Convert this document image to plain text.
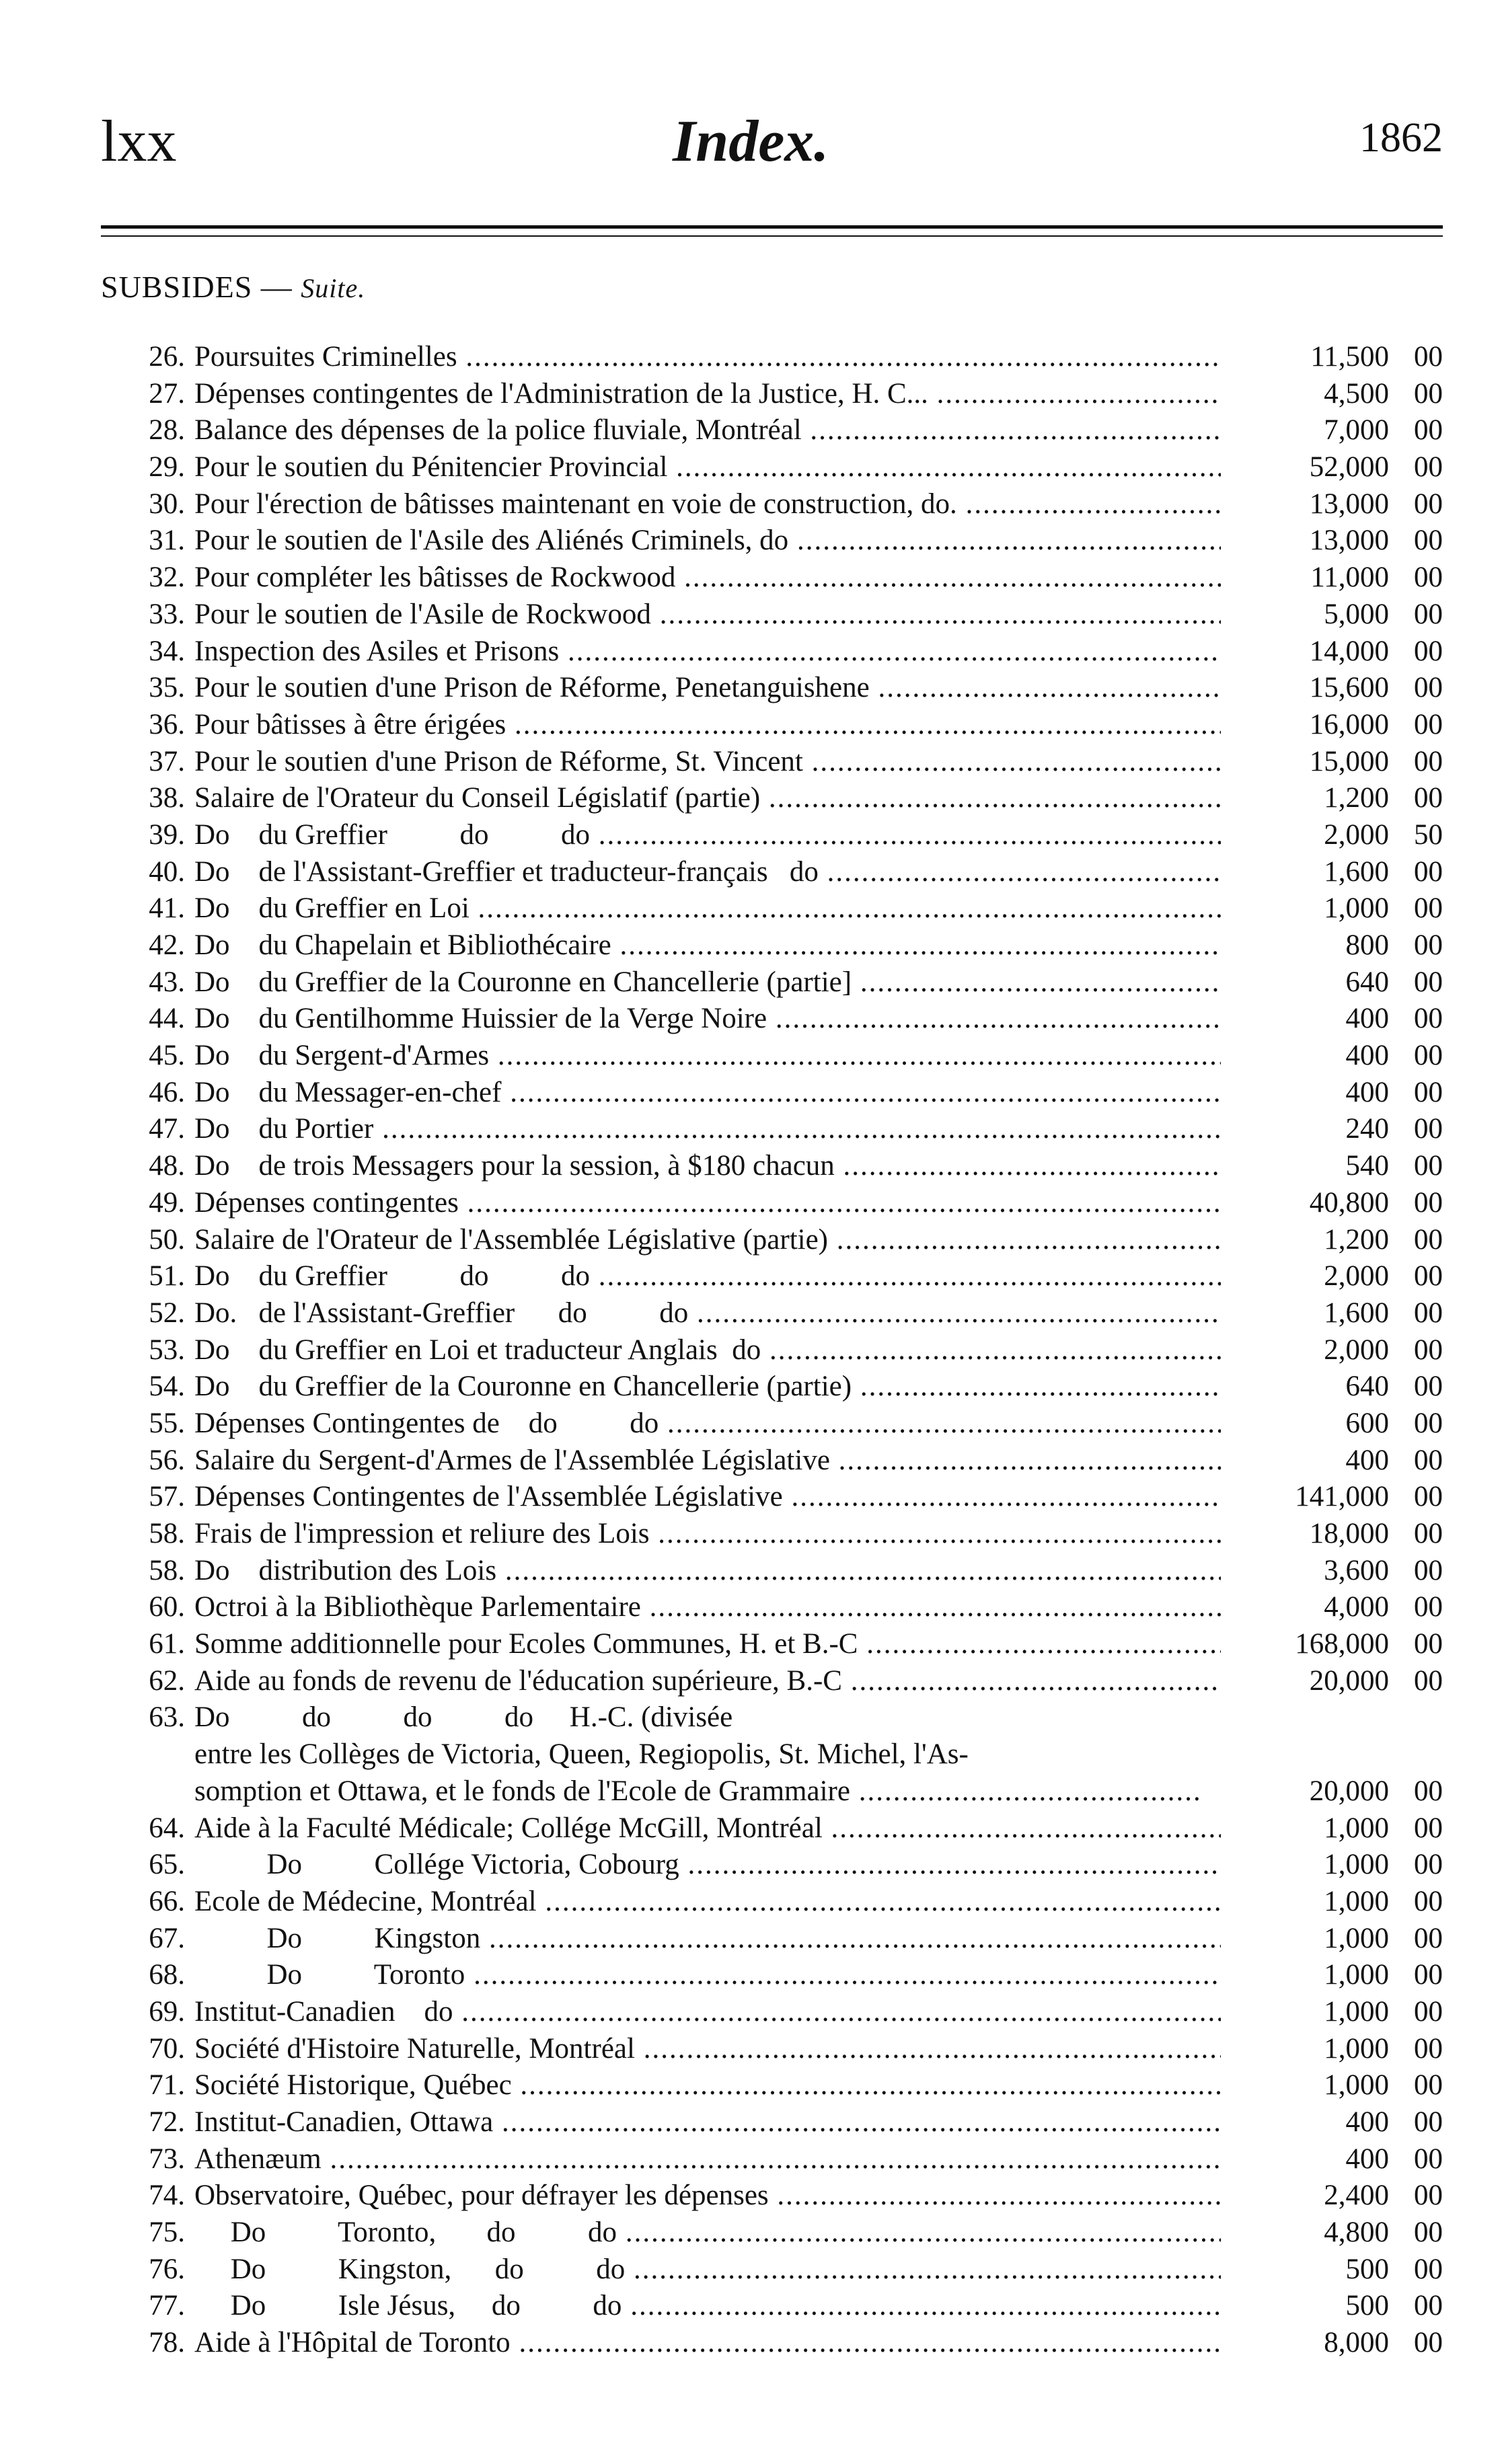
lxx	Index.	1862
SUBSIDES — Suite.
26. Poursuites Criminelles .....	11,500 00
27. Dépenses contingentes de l'Administration de la Justice, H. C... .....	4,500 00
28. Balance des dépenses de la police fluviale, Montréal .....	7,000 00
29. Pour le soutien du Pénitencier Provincial .....	52,000 00
30. Pour l'érection de bâtisses maintenant en voie de construction, do. .....	13,000 00
31. Pour le soutien de l'Asile des Aliénés Criminels, do .....	13,000 00
32. Pour compléter les bâtisses de Rockwood .....	11,000 00
33. Pour le soutien de l'Asile de Rockwood .....	5,000 00
34. Inspection des Asiles et Prisons .....	14,000 00
35. Pour le soutien d'une Prison de Réforme, Penetanguishene .....	15,600 00
36. Pour bâtisses à être érigées .....	16,000 00
37. Pour le soutien d'une Prison de Réforme, St. Vincent .....	15,000 00
38. Salaire de l'Orateur du Conseil Législatif (partie) .....	1,200 00
39. Do    du Greffier          do          do .....	2,000 50
40. Do    de l'Assistant-Greffier et traducteur-français   do .....	1,600 00
41. Do    du Greffier en Loi .....	1,000 00
42. Do    du Chapelain et Bibliothécaire .....	800 00
43. Do    du Greffier de la Couronne en Chancellerie (partie] .....	640 00
44. Do    du Gentilhomme Huissier de la Verge Noire .....	400 00
45. Do    du Sergent-d'Armes .....	400 00
46. Do    du Messager-en-chef .....	400 00
47. Do    du Portier .....	240 00
48. Do    de trois Messagers pour la session, à $180 chacun .....	540 00
49. Dépenses contingentes .....	40,800 00
50. Salaire de l'Orateur de l'Assemblée Législative (partie) .....	1,200 00
51. Do    du Greffier          do          do .....	2,000 00
52. Do.   de l'Assistant-Greffier      do          do .....	1,600 00
53. Do    du Greffier en Loi et traducteur Anglais  do .....	2,000 00
54. Do    du Greffier de la Couronne en Chancellerie (partie) .....	640 00
55. Dépenses Contingentes de    do          do .....	600 00
56. Salaire du Sergent-d'Armes de l'Assemblée Législative .....	400 00
57. Dépenses Contingentes de l'Assemblée Législative .....	141,000 00
58. Frais de l'impression et reliure des Lois .....	18,000 00
58. Do    distribution des Lois .....	3,600 00
60. Octroi à la Bibliothèque Parlementaire .....	4,000 00
61. Somme additionnelle pour Ecoles Communes, H. et B.-C .....	168,000 00
62. Aide au fonds de revenu de l'éducation supérieure, B.-C .....	20,000 00
63. Do          do          do          do     H.-C. (divisée
entre les Collèges de Victoria, Queen, Regiopolis, St. Michel, l'As-
somption et Ottawa, et le fonds de l'Ecole de Grammaire .....	20,000 00
64. Aide à la Faculté Médicale; Collége McGill, Montréal .....	1,000 00
65. Do          Collége Victoria, Cobourg .....	1,000 00
66. Ecole de Médecine, Montréal .....	1,000 00
67. Do          Kingston .....	1,000 00
68. Do          Toronto .....	1,000 00
69. Institut-Canadien    do .....	1,000 00
70. Société d'Histoire Naturelle, Montréal .....	1,000 00
71. Société Historique, Québec .....	1,000 00
72. Institut-Canadien, Ottawa .....	400 00
73. Athenæum .....	400 00
74. Observatoire, Québec, pour défrayer les dépenses .....	2,400 00
75. Do          Toronto,       do          do .....	4,800 00
76. Do          Kingston,      do          do .....	500 00
77. Do          Isle Jésus,     do          do .....	500 00
78. Aide à l'Hôpital de Toronto .....	8,000 00
